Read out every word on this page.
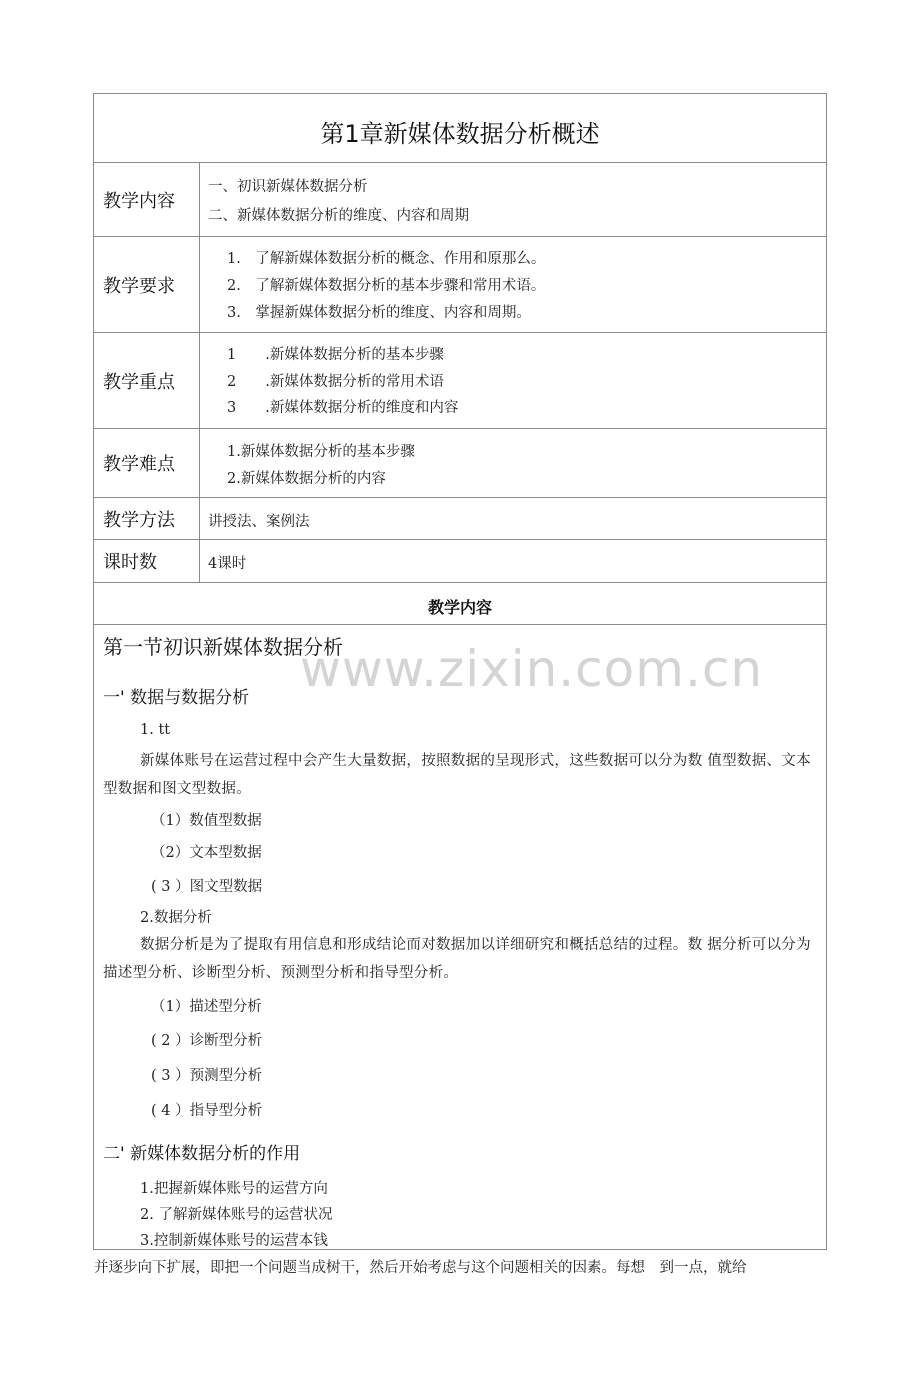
第1章新媒体数据分析概述
教学内容
一、初识新媒体数据分析
二、新媒体数据分析的维度、内容和周期
教学要求
1.　了解新媒体数据分析的概念、作用和原那么。
2.　了解新媒体数据分析的基本步骤和常用术语。
3.　掌握新媒体数据分析的维度、内容和周期。
教学重点
1　　.新媒体数据分析的基本步骤
2　　.新媒体数据分析的常用术语
3　　.新媒体数据分析的维度和内容
教学难点
1.新媒体数据分析的基本步骤
2.新媒体数据分析的内容
教学方法	讲授法、案例法
课时数	4课时
教学内容
第一节初识新媒体数据分析
一' 数据与数据分析
1. tt
新媒体账号在运营过程中会产生大量数据，按照数据的呈现形式，这些数据可以分为数 值型数据、文本型数据和图文型数据。
（1）数值型数据
（2）文本型数据
( 3 ）图文型数据
2.数据分析
数据分析是为了提取有用信息和形成结论而对数据加以详细研究和概括总结的过程。数 据分析可以分为描述型分析、诊断型分析、预测型分析和指导型分析。
（1）描述型分析
( 2 ）诊断型分析
( 3 ）预测型分析
( 4 ）指导型分析
二' 新媒体数据分析的作用
1.把握新媒体账号的运营方向
2. 了解新媒体账号的运营状况
3.控制新媒体账号的运营本钱
www.zixin.com.cn
并逐步向下扩展，即把一个问题当成树干，然后开始考虑与这个问题相关的因素。每想　到一点，就给
